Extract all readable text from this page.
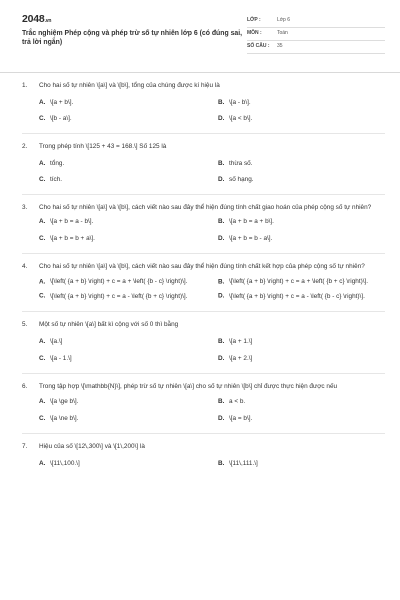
2048.vn
Trắc nghiệm Phép cộng và phép trừ số tự nhiên lớp 6 (có đúng sai, trả lời ngắn)
LỚP :	Lớp 6
MÔN :	Toán
SỐ CÂU :	35
1. Cho hai số tự nhiên \[a\] và \[b\], tổng của chúng được kí hiệu là
A. \[a + b\].	B. \[a - b\].
C. \[b - a\].	D. \[a < b\].
2. Trong phép tính \[125 + 43 = 168.\] Số 125 là
A. tổng.	B. thừa số.
C. tích.	D. số hạng.
3. Cho hai số tự nhiên \[a\] và \[b\], cách viết nào sau đây thể hiện đúng tính chất giao hoán của phép cộng số tự nhiên?
A. \[a + b = a - b\].	B. \[a + b = a + b\].
C. \[a + b = b + a\].	D. \[a + b = b - a\].
4. Cho hai số tự nhiên \[a\] và \[b\], cách viết nào sau đây thể hiện đúng tính chất kết hợp của phép cộng số tự nhiên?
A. \[\left( {a + b} \right) + c = a + \left( {b - c} \right)\].	B. \[\left( {a + b} \right) + c = a + \left( {b + c} \right)\].
C. \[\left( {a + b} \right) + c = a - \left( {b + c} \right)\].	D. \[\left( {a + b} \right) + c = a - \left( {b - c} \right)\].
5. Một số tự nhiên \[a\] bất kì cộng với số 0 thì bằng
A. \[a.\]	B. \[a + 1.\]
C. \[a - 1.\]	D. \[a + 2.\]
6. Trong tập hợp \[\mathbb{N}\], phép trừ số tự nhiên \[a\] cho số tự nhiên \[b\] chỉ được thực hiện được nếu
A. \[a \ge b\].	B. a < b.
C. \[a \ne b\].	D. \[a = b\].
7. Hiệu của số \[12\,300\] và \[1\,200\] là
A. \[11\,100.\]	B. \[11\,111.\]
